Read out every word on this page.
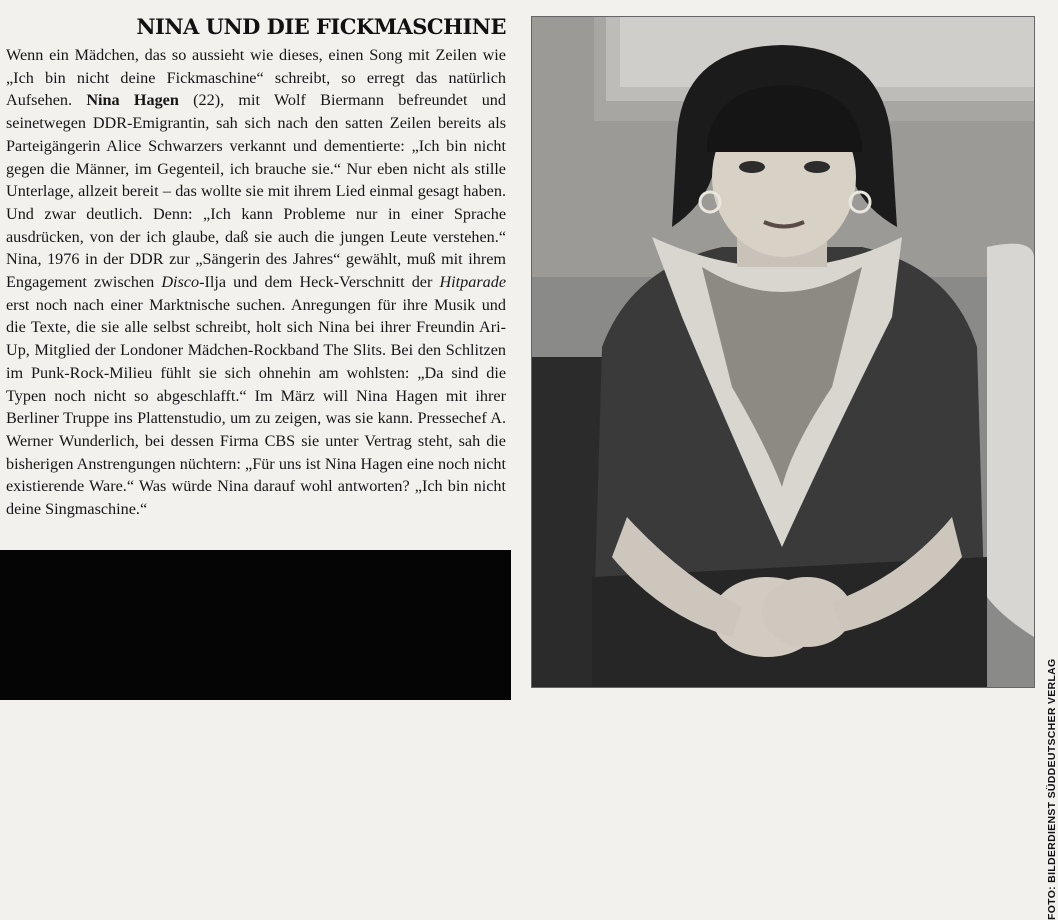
NINA UND DIE FICKMASCHINE

Wenn ein Mädchen, das so aussieht wie dieses, einen Song mit Zeilen wie „Ich bin nicht deine Fickmaschine“ schreibt, so erregt das natürlich Aufsehen. Nina Hagen (22), mit Wolf Biermann befreundet und seinetwegen DDR-Emigrantin, sah sich nach den satten Zeilen bereits als Parteigängerin Alice Schwarzers verkannt und dementierte: „Ich bin nicht gegen die Männer, im Gegenteil, ich brauche sie.“ Nur eben nicht als stille Unterlage, allzeit bereit – das wollte sie mit ihrem Lied einmal gesagt haben. Und zwar deutlich. Denn: „Ich kann Probleme nur in einer Sprache ausdrücken, von der ich glaube, daß sie auch die jungen Leute verstehen.“ Nina, 1976 in der DDR zur „Sängerin des Jahres“ gewählt, muß mit ihrem Engagement zwischen Disco-Ilja und dem Heck-Verschnitt der Hitparade erst noch nach einer Marktnische suchen. Anregungen für ihre Musik und die Texte, die sie alle selbst schreibt, holt sich Nina bei ihrer Freundin Ari-Up, Mitglied der Londoner Mädchen-Rockband The Slits. Bei den Schlitzen im Punk-Rock-Milieu fühlt sie sich ohnehin am wohlsten: „Da sind die Typen noch nicht so abgeschlafft.“ Im März will Nina Hagen mit ihrer Berliner Truppe ins Plattenstudio, um zu zeigen, was sie kann. Pressechef A. Werner Wunderlich, bei dessen Firma CBS sie unter Vertrag steht, sah die bisherigen Anstrengungen nüchtern: „Für uns ist Nina Hagen eine noch nicht existierende Ware.“ Was würde Nina darauf wohl antworten? „Ich bin nicht deine Singmaschine.“

FOTO: BILDERDIENST SÜDDEUTSCHER VERLAG
